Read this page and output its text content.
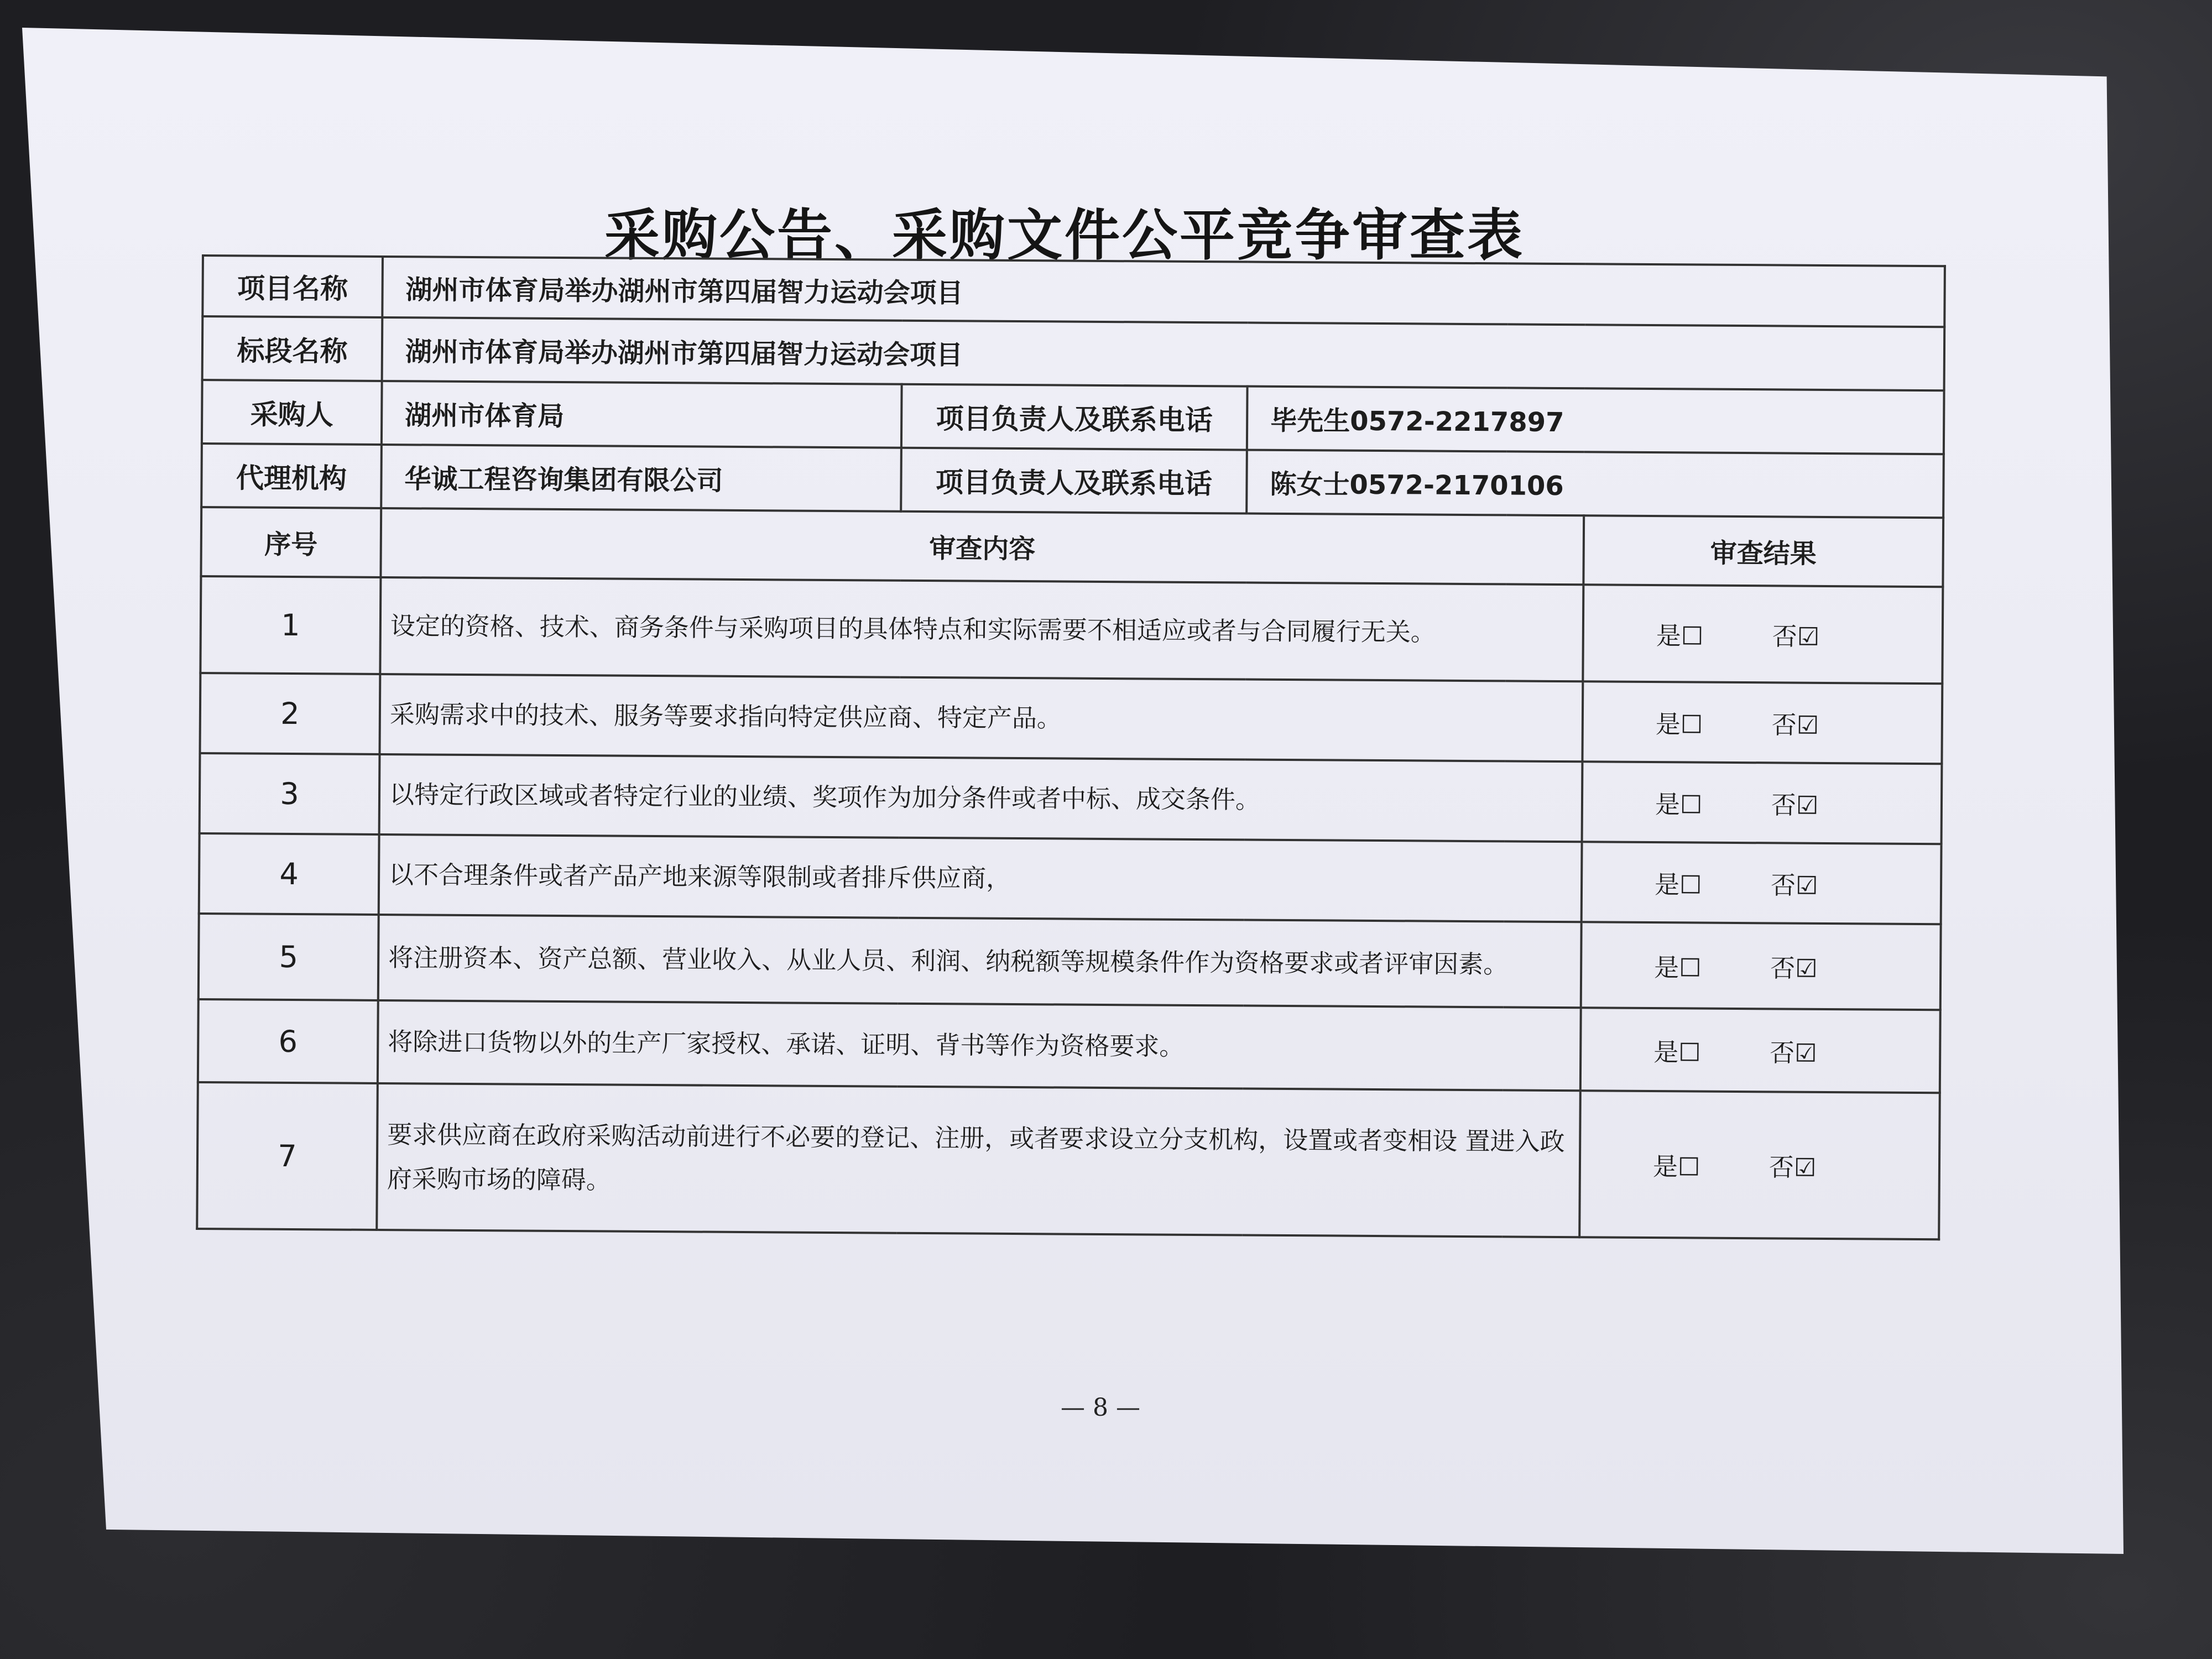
采购公告、采购文件公平竞争审查表
项目名称	湖州市体育局举办湖州市第四届智力运动会项目			
标段名称	湖州市体育局举办湖州市第四届智力运动会项目			
采购人	湖州市体育局	项目负责人及联系电话	毕先生0572-2217897	
代理机构	华诚工程咨询集团有限公司	项目负责人及联系电话	陈女士0572-2170106	
序号	审查内容			审查结果
1	设定的资格、技术、商务条件与采购项目的具体特点和实际需要不相适应或者与合同履行无关。			是☐ 否☑
2	采购需求中的技术、服务等要求指向特定供应商、特定产品。			是☐ 否☑
3	以特定行政区域或者特定行业的业绩、奖项作为加分条件或者中标、成交条件。			是☐ 否☑
4	以不合理条件或者产品产地来源等限制或者排斥供应商，			是☐ 否☑
5	将注册资本、资产总额、营业收入、从业人员、利润、纳税额等规模条件作为资格要求或者评审因素。			是☐ 否☑
6	将除进口货物以外的生产厂家授权、承诺、证明、背书等作为资格要求。			是☐ 否☑
7	要求供应商在政府采购活动前进行不必要的登记、注册，或者要求设立分支机构，设置或者变相设 置进入政府采购市场的障碍。			是☐ 否☑
— 8 —
